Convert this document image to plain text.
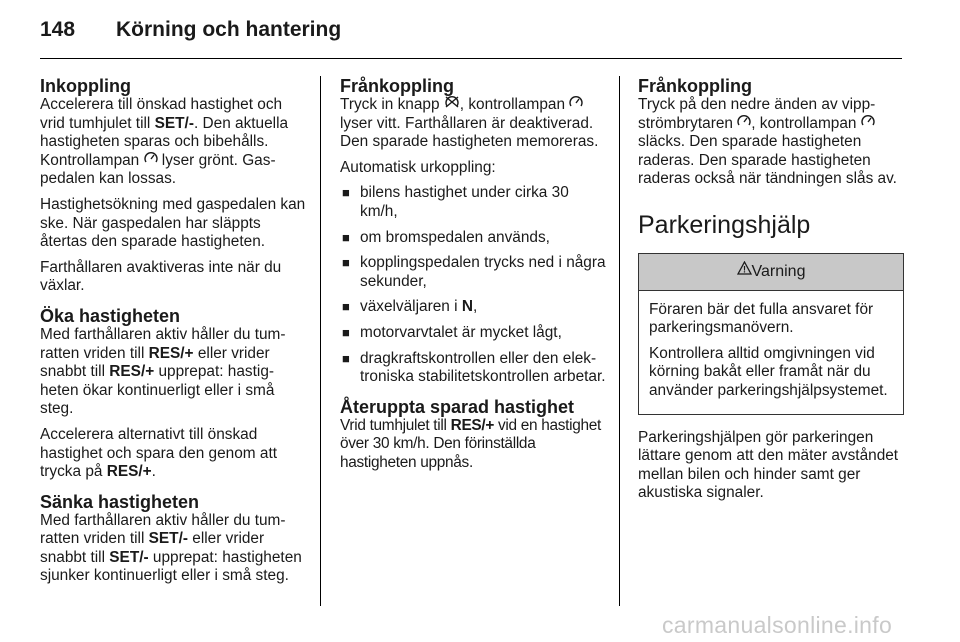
148	Körning och hantering
Inkoppling

Accelerera till önskad hastighet och vrid tumhjulet till SET/-. Den aktuella hastigheten sparas och bibehålls. Kontrollampan  lyser grönt. Gaspedalen kan lossas.

Hastighetsökning med gaspedalen kan ske. När gaspedalen har släppts återtas den sparade hastigheten.

Farthållaren avaktiveras inte när du växlar.

Öka hastigheten

Med farthållaren aktiv håller du tumratten vriden till RES/+ eller vrider snabbt till RES/+ upprepat: hastigheten ökar kontinuerligt eller i små steg.

Accelerera alternativt till önskad hastighet och spara den genom att trycka på RES/+.

Sänka hastigheten

Med farthållaren aktiv håller du tumratten vriden till SET/- eller vrider snabbt till SET/- upprepat: hastigheten sjunker kontinuerligt eller i små steg.

Frånkoppling

Tryck in knapp , kontrollampan  lyser vitt. Farthållaren är deaktiverad. Den sparade hastigheten memoreras.

Automatisk urkoppling:

■ bilens hastighet under cirka 30 km/h,
■ om bromspedalen används,
■ kopplingspedalen trycks ned i några sekunder,
■ växelväljaren i N,
■ motorvarvtalet är mycket lågt,
■ dragkraftskontrollen eller den elektroniska stabilitetskontrollen arbetar.
Återuppta sparad hastighet

Vrid tumhjulet till RES/+ vid en hastighet över 30 km/h. Den förinställda hastigheten uppnås.

Frånkoppling

Tryck på den nedre änden av vippströmbrytaren , kontrollampan  släcks. Den sparade hastigheten raderas. Den sparade hastigheten raderas också när tändningen slås av.

Parkeringshjälp
! Varning

Föraren bär det fulla ansvaret för parkeringsmanövern.

Kontrollera alltid omgivningen vid körning bakåt eller framåt när du använder parkeringshjälpsystemet.

Parkeringshjälpen gör parkeringen lättare genom att den mäter avståndet mellan bilen och hinder samt ger akustiska signaler.

carmanualsonline.info
